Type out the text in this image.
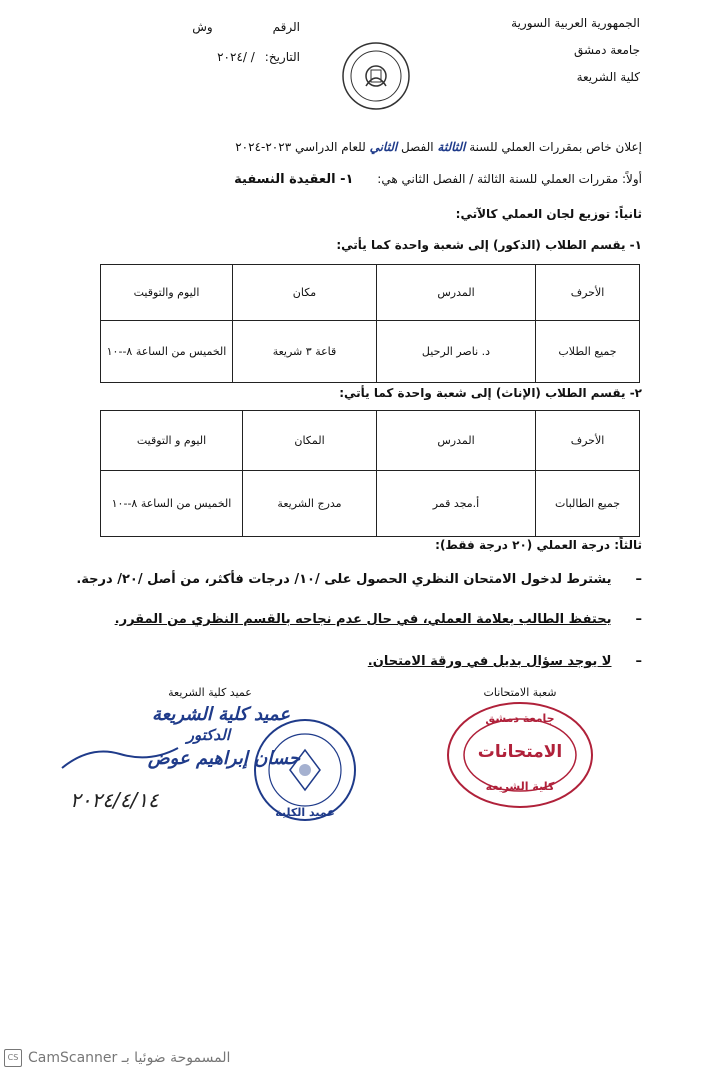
الجمهورية العربية السورية
جامعة دمشق
كلية الشريعة
الرقم
وش
التاريخ:
/ /٢٠٢٤
إعلان خاص بمقررات العملي للسنة الثالثة الفصل الثاني للعام الدراسي ٢٠٢٣-٢٠٢٤
أولاً: مقررات العملي للسنة الثالثة / الفصل الثاني هي: ١- العقيدة النسفية
ثانياً: توزيع لجان العملي كالآتي:
١- يقسم الطلاب (الذكور) إلى شعبة واحدة كما يأتي:
الأحرف	المدرس	مكان	اليوم والتوقيت
جميع الطلاب	د. ناصر الرحيل	قاعة ٣ شريعة	الخميس من الساعة ٨--١٠
٢- يقسم الطلاب (الإناث) إلى شعبة واحدة كما يأتي:
الأحرف	المدرس	المكان	اليوم و التوقيت
جميع الطالبات	أ.مجد قمر	مدرج الشريعة	الخميس من الساعة ٨--١٠
ثالثاً: درجة العملي (٢٠ درجة فقط):
–يشترط لدخول الامتحان النظري الحصول على /١٠/ درجات فأكثر، من أصل /٢٠/ درجة.
–يحتفظ الطالب بعلامة العملي، في حال عدم نجاحه بالقسم النظري من المقرر.
–لا يوجد سؤال بديل في ورقة الامتحان.
عميد كلية الشريعة	شعبة الامتحانات
عميد كلية الشريعة
الدكتور
حسان إبراهيم عوض
عميد الكلية
٢٠٢٤/٤/١٤
جامعة دمشق
الامتحانات
كلية الشريعة
CS المسموحة ضوئيا بـ CamScanner
